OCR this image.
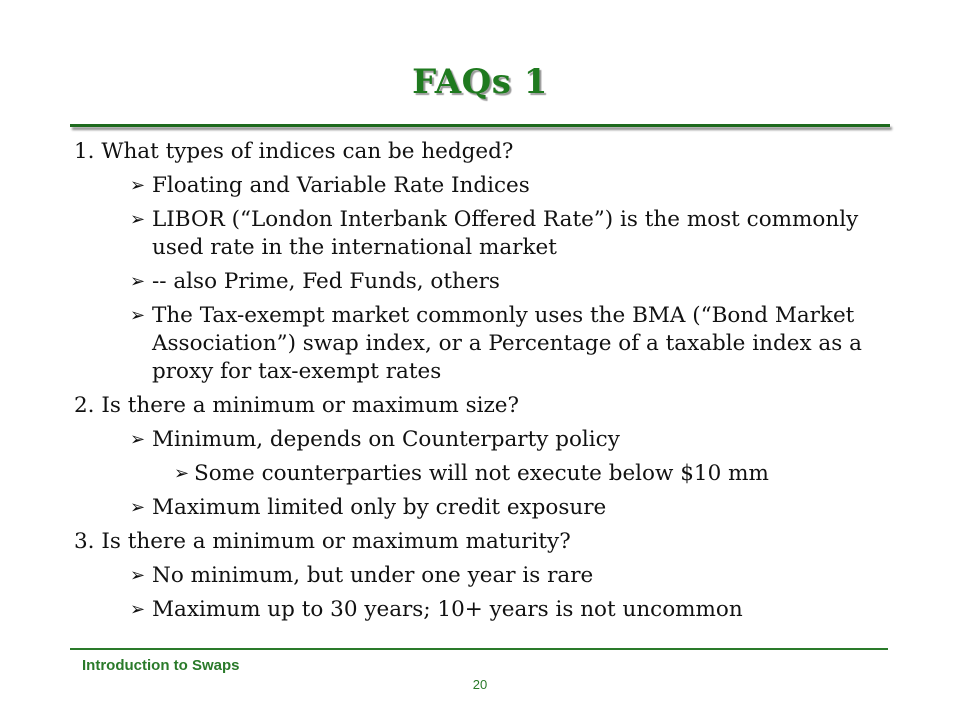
FAQs 1
1. What types of indices can be hedged?
➢ Floating and Variable Rate Indices
➢ LIBOR (“London Interbank Offered Rate”) is the most commonly used rate in the international market
➢ -- also Prime, Fed Funds, others
➢ The Tax-exempt market commonly uses the BMA (“Bond Market Association”) swap index, or a Percentage of a taxable index as a proxy for tax-exempt rates
2. Is there a minimum or maximum size?
➢ Minimum, depends on Counterparty policy
➢ Some counterparties will not execute below $10 mm
➢ Maximum limited only by credit exposure
3. Is there a minimum or maximum maturity?
➢ No minimum, but under one year is rare
➢ Maximum up to 30 years; 10+ years is not uncommon
Introduction to Swaps
20
